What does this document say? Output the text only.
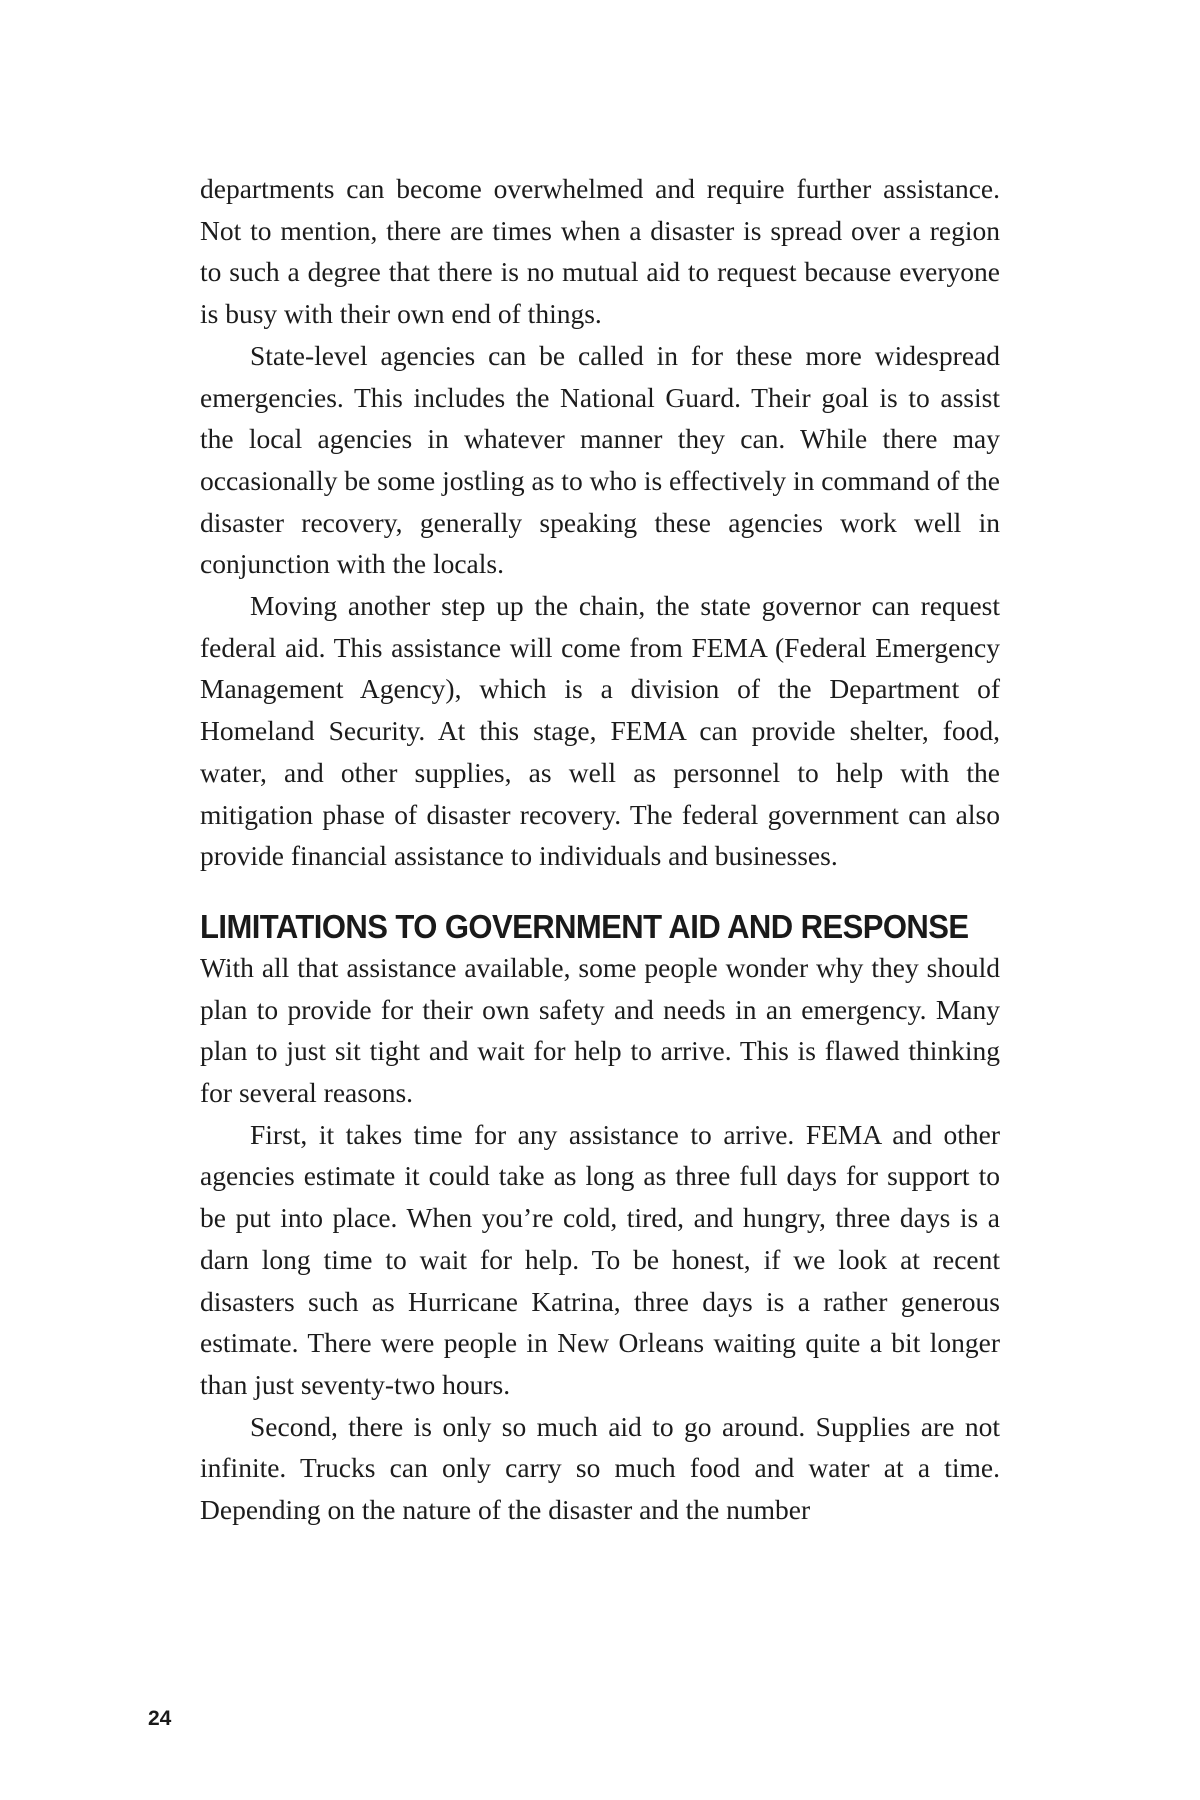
departments can become overwhelmed and require further assistance. Not to mention, there are times when a disaster is spread over a region to such a degree that there is no mutual aid to request because everyone is busy with their own end of things.

State-level agencies can be called in for these more widespread emergencies. This includes the National Guard. Their goal is to assist the local agencies in whatever manner they can. While there may occasionally be some jostling as to who is effectively in command of the disaster recovery, generally speaking these agencies work well in conjunction with the locals.

Moving another step up the chain, the state governor can request federal aid. This assistance will come from FEMA (Federal Emergency Management Agency), which is a division of the Department of Homeland Security. At this stage, FEMA can provide shelter, food, water, and other supplies, as well as personnel to help with the mitigation phase of disaster recovery. The federal government can also provide financial assistance to individuals and businesses.

LIMITATIONS TO GOVERNMENT AID AND RESPONSE

With all that assistance available, some people wonder why they should plan to provide for their own safety and needs in an emergency. Many plan to just sit tight and wait for help to arrive. This is flawed thinking for several reasons.

First, it takes time for any assistance to arrive. FEMA and other agencies estimate it could take as long as three full days for support to be put into place. When you’re cold, tired, and hungry, three days is a darn long time to wait for help. To be honest, if we look at recent disasters such as Hurricane Katrina, three days is a rather generous estimate. There were people in New Orleans waiting quite a bit longer than just seventy-two hours.

Second, there is only so much aid to go around. Supplies are not infinite. Trucks can only carry so much food and water at a time. Depending on the nature of the disaster and the number

24
